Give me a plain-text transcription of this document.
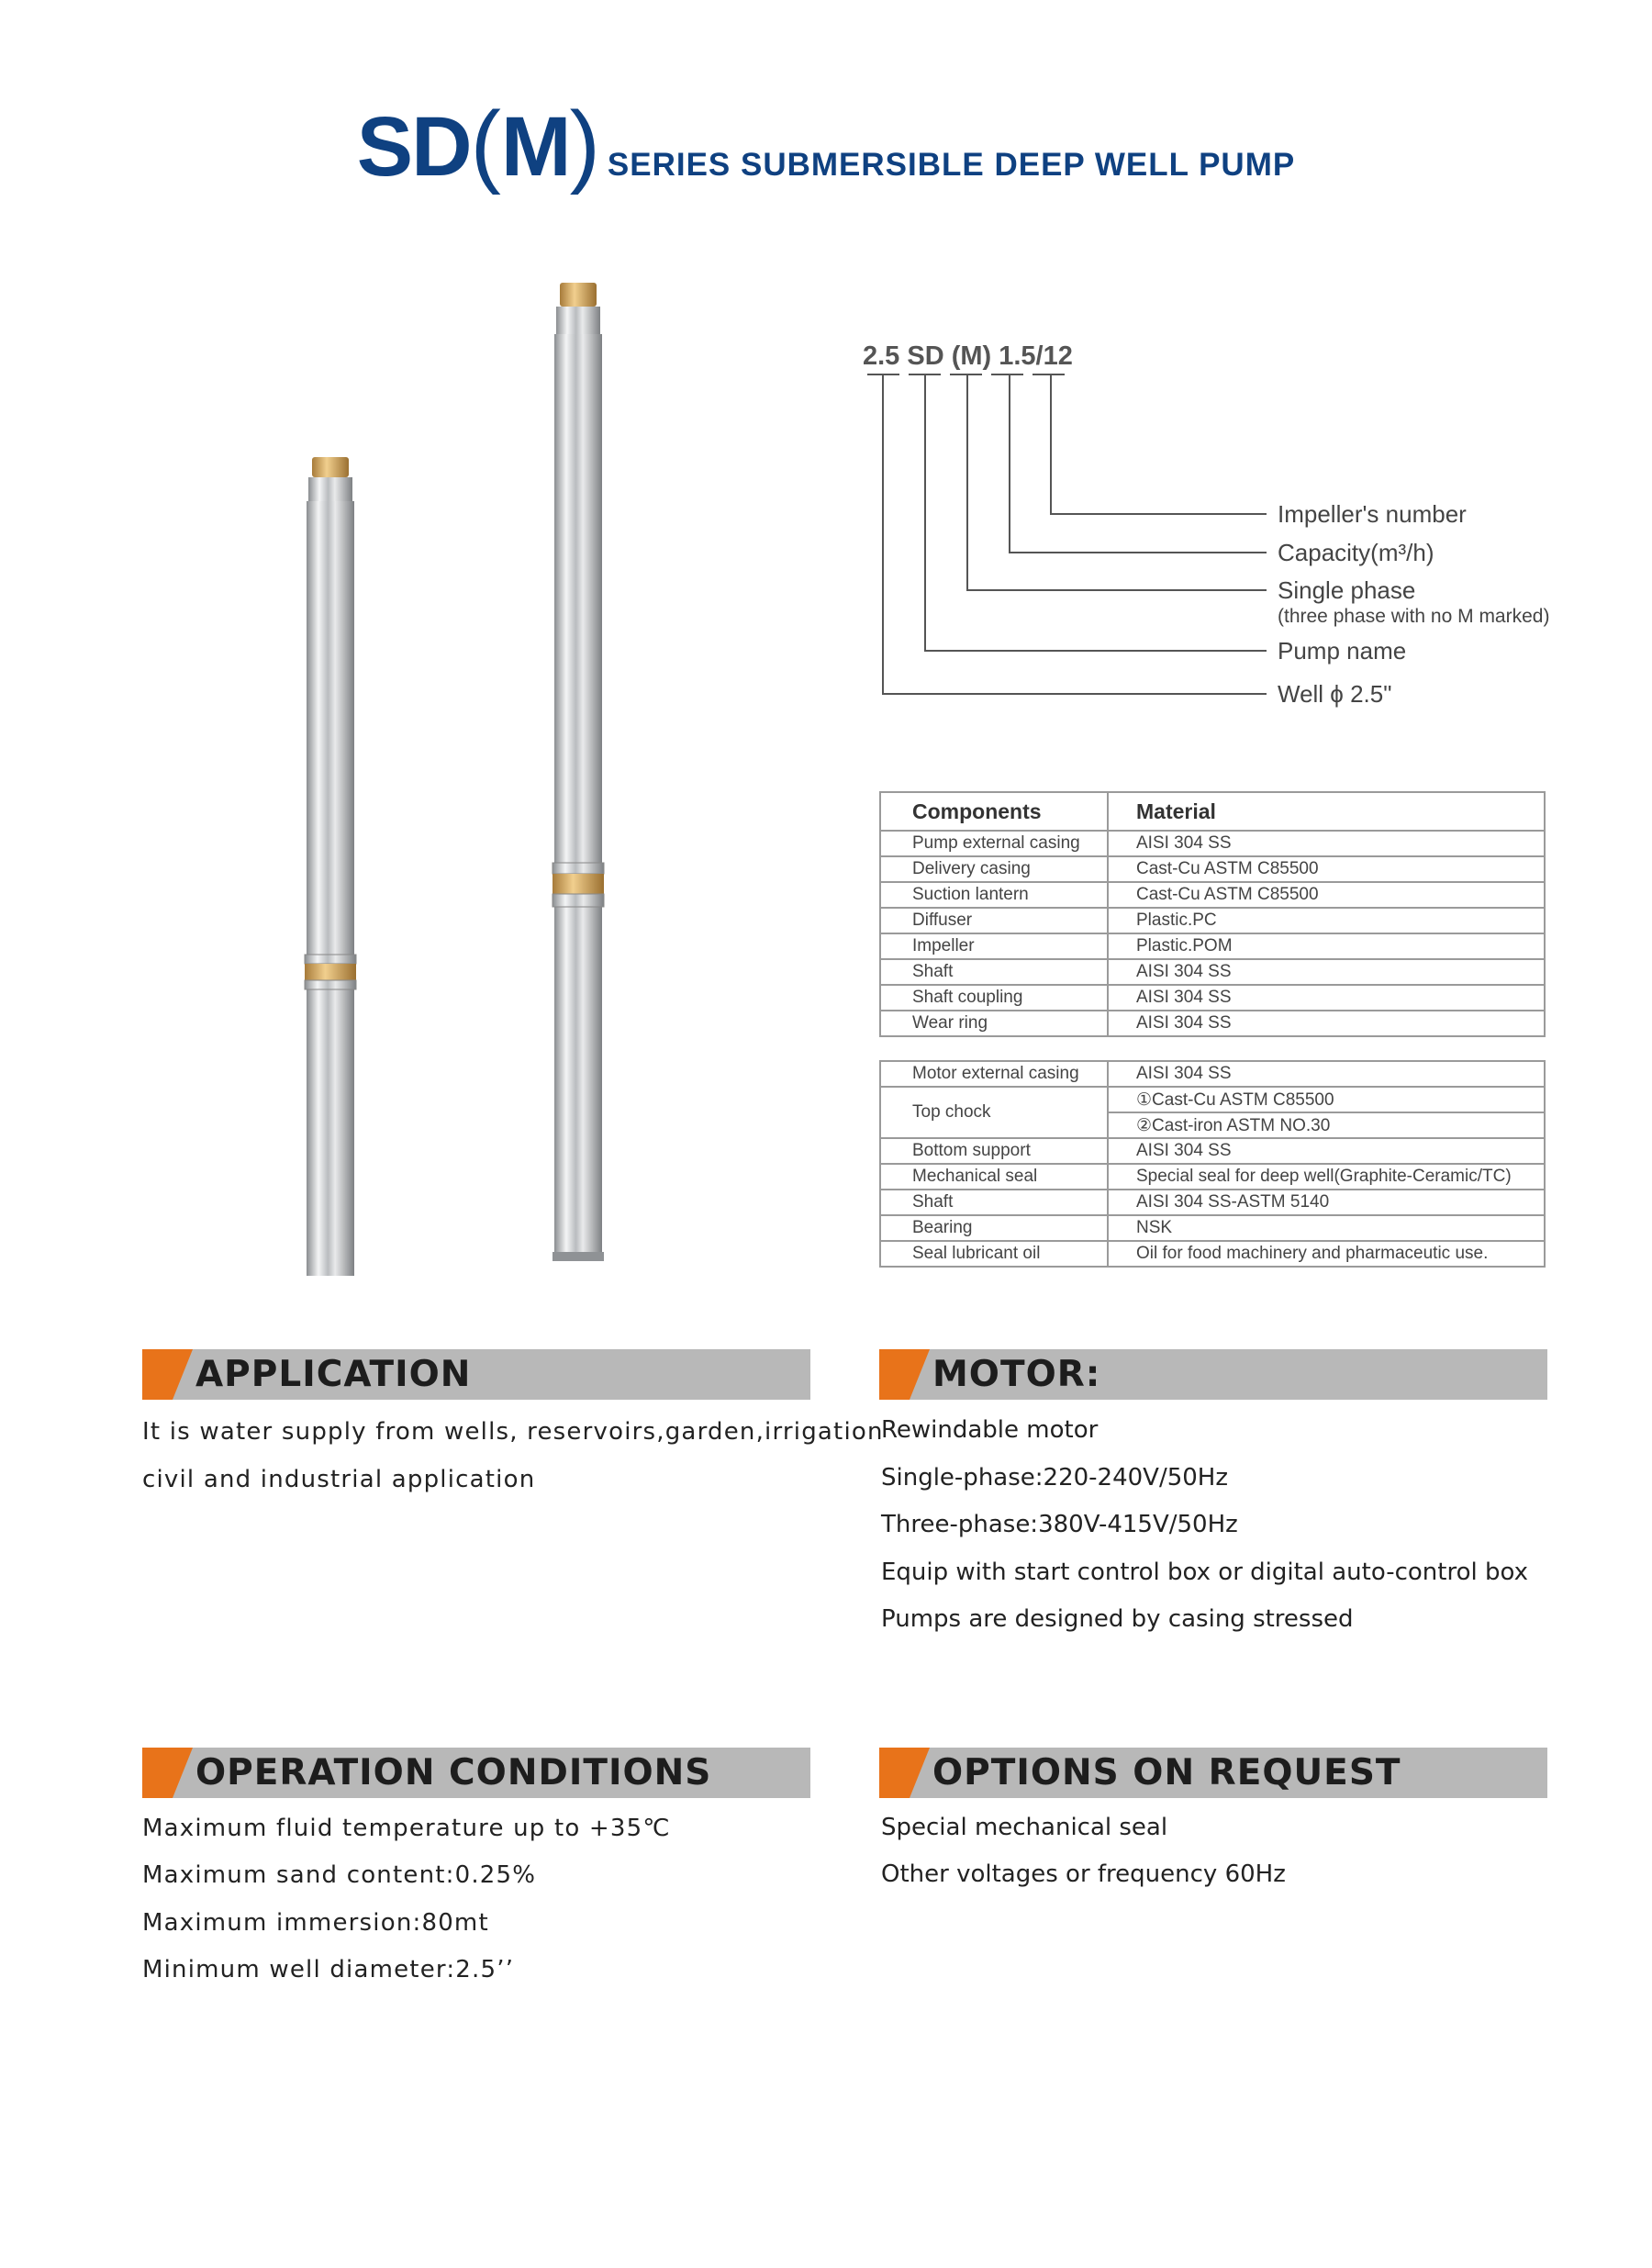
SD(M) SERIES SUBMERSIBLE DEEP WELL PUMP
2.5 SD (M) 1.5/12
Impeller's number
Capacity(m³/h)
Single phase
(three phase with no M marked)
Pump name
Well ϕ 2.5"
Components	Material
Pump external casing	AISI 304 SS
Delivery casing	Cast-Cu ASTM C85500
Suction lantern	Cast-Cu ASTM C85500
Diffuser	Plastic.PC
Impeller	Plastic.POM
Shaft	AISI 304 SS
Shaft coupling	AISI 304 SS
Wear ring	AISI 304 SS
Motor external casing	AISI 304 SS
Top chock	①Cast-Cu ASTM C85500
	②Cast-iron ASTM NO.30
Bottom support	AISI 304 SS
Mechanical seal	Special seal for deep well(Graphite-Ceramic/TC)
Shaft	AISI 304 SS-ASTM 5140
Bearing	NSK
Seal lubricant oil	Oil for food machinery and pharmaceutic use.
APPLICATION
It is water supply from wells, reservoirs,garden,irrigation
civil and industrial application
MOTOR:
Rewindable motor
Single-phase:220-240V/50Hz
Three-phase:380V-415V/50Hz
Equip with start control box or digital auto-control box
Pumps are designed by casing stressed
OPERATION CONDITIONS
Maximum fluid temperature up to +35℃
Maximum sand content:0.25%
Maximum immersion:80mt
Minimum well diameter:2.5’’
OPTIONS ON REQUEST
Special mechanical seal
Other voltages or frequency 60Hz
